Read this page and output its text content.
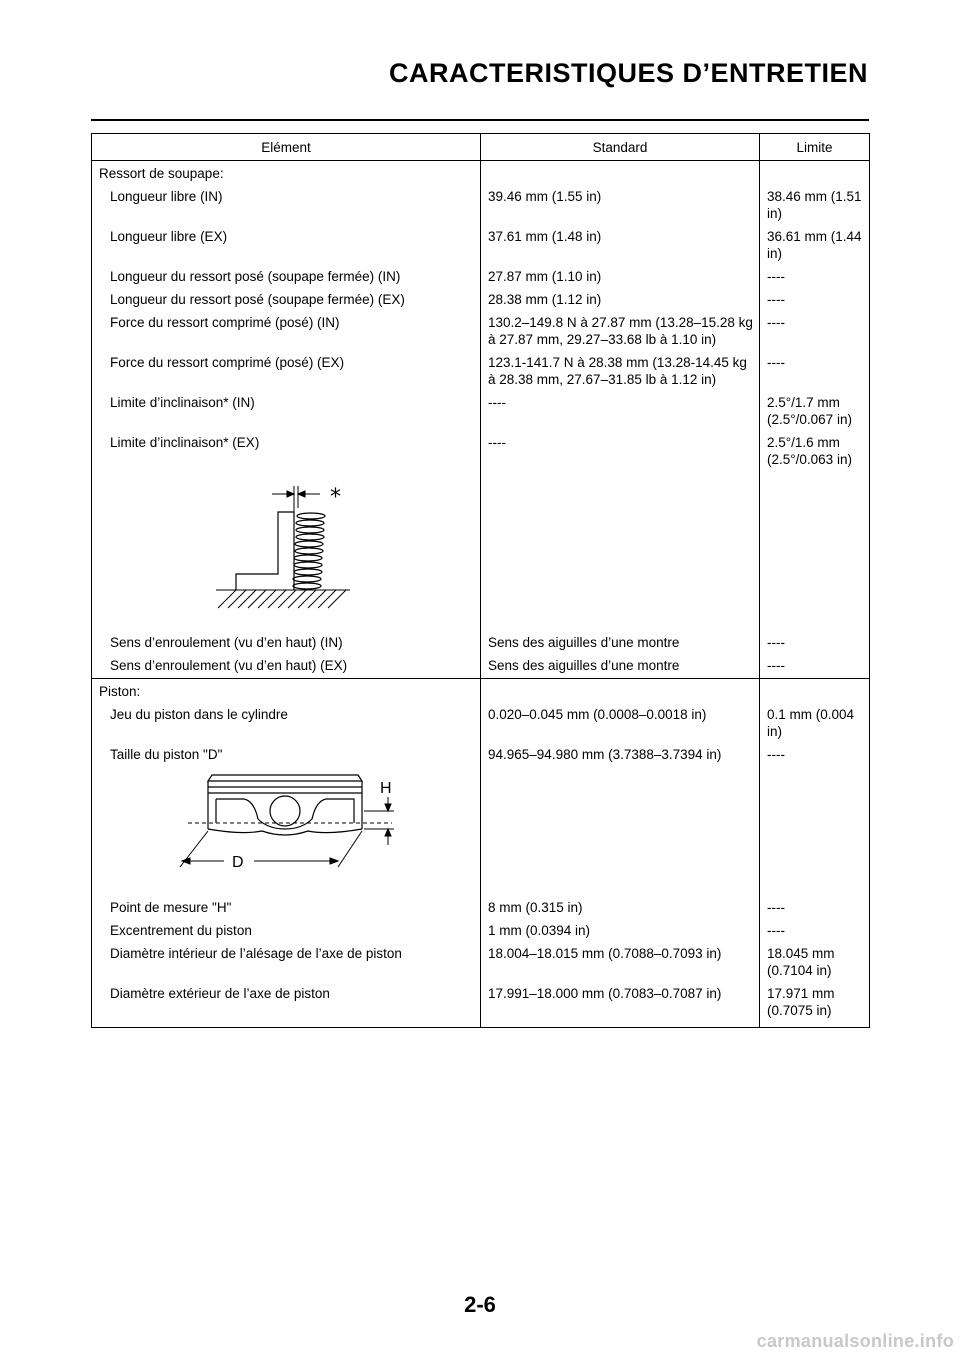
CARACTERISTIQUES D’ENTRETIEN
Elément	Standard	Limite
Ressort de soupape:		
Longueur libre (IN)	39.46 mm (1.55 in)	38.46 mm (1.51 in)
Longueur libre (EX)	37.61 mm (1.48 in)	36.61 mm (1.44 in)
Longueur du ressort posé (soupape fermée) (IN)	27.87 mm (1.10 in)	----
Longueur du ressort posé (soupape fermée) (EX)	28.38 mm (1.12 in)	----
Force du ressort comprimé (posé) (IN)	130.2–149.8 N à 27.87 mm (13.28–15.28 kg à 27.87 mm, 29.27–33.68 lb à 1.10 in)	----
Force du ressort comprimé (posé) (EX)	123.1-141.7 N à 28.38 mm (13.28-14.45 kg à 28.38 mm, 27.67–31.85 lb à 1.12 in)	----
Limite d’inclinaison* (IN)	----	2.5°/1.7 mm (2.5°/0.067 in)
Limite d’inclinaison* (EX)	----	2.5°/1.6 mm (2.5°/0.063 in)

*		

Sens d’enroulement (vu d’en haut) (IN)	Sens des aiguilles d’une montre	----
Sens d’enroulement (vu d’en haut) (EX)	Sens des aiguilles d’une montre	----
Piston:		
Jeu du piston dans le cylindre	0.020–0.045 mm (0.0008–0.0018 in)	0.1 mm (0.004 in)
Taille du piston "D"	94.965–94.980 mm (3.7388–3.7394 in)	----

H
D		

Point de mesure "H"	8 mm (0.315 in)	----
Excentrement du piston	1 mm (0.0394 in)	----
Diamètre intérieur de l’alésage de l’axe de piston	18.004–18.015 mm (0.7088–0.7093 in)	18.045 mm (0.7104 in)
Diamètre extérieur de l’axe de piston	17.991–18.000 mm (0.7083–0.7087 in)	17.971 mm (0.7075 in)
2-6
carmanualsonline.info
